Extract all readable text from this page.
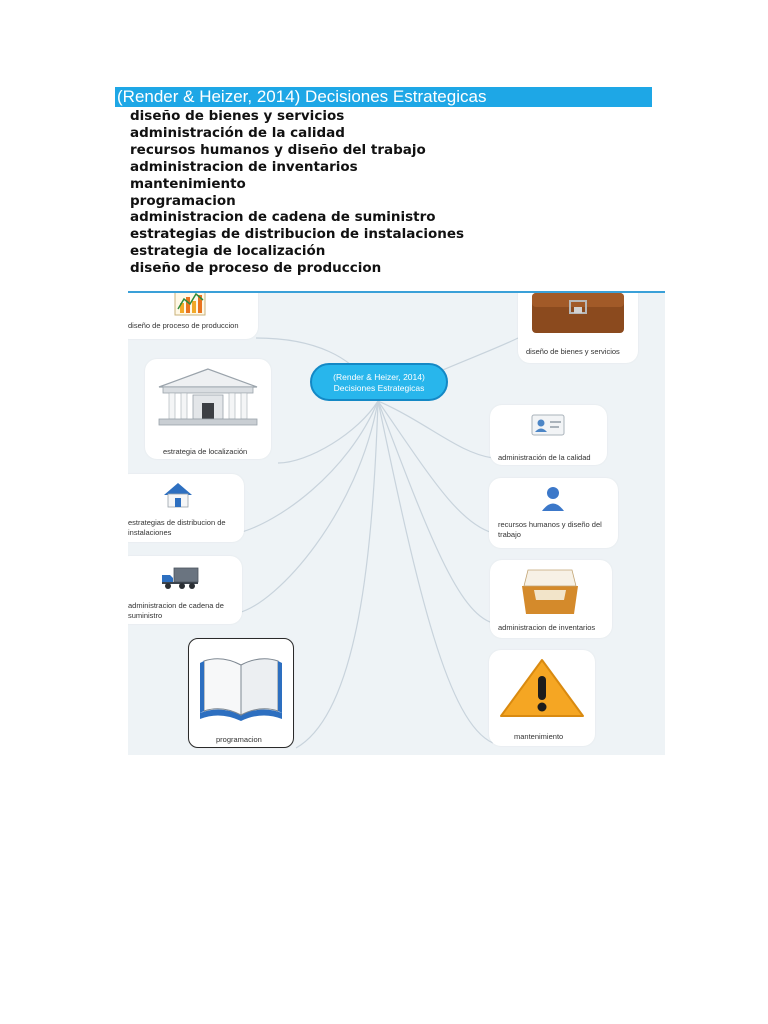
(Render & Heizer, 2014) Decisiones Estrategicas
diseño de bienes y servicios
administración de la calidad
recursos humanos y diseño del trabajo
administracion de inventarios
mantenimiento
programacion
administracion de cadena de suministro
estrategias de distribucion de instalaciones
estrategia de localización
diseño de proceso de produccion
(Render & Heizer, 2014)
Decisiones Estrategicas
diseño de proceso de produccion
estrategia de localización
estrategias de distribucion de instalaciones
administracion de cadena de suministro
programacion
diseño de bienes y servicios
administración de la calidad
recursos humanos y diseño del trabajo
administracion de inventarios
mantenimiento
